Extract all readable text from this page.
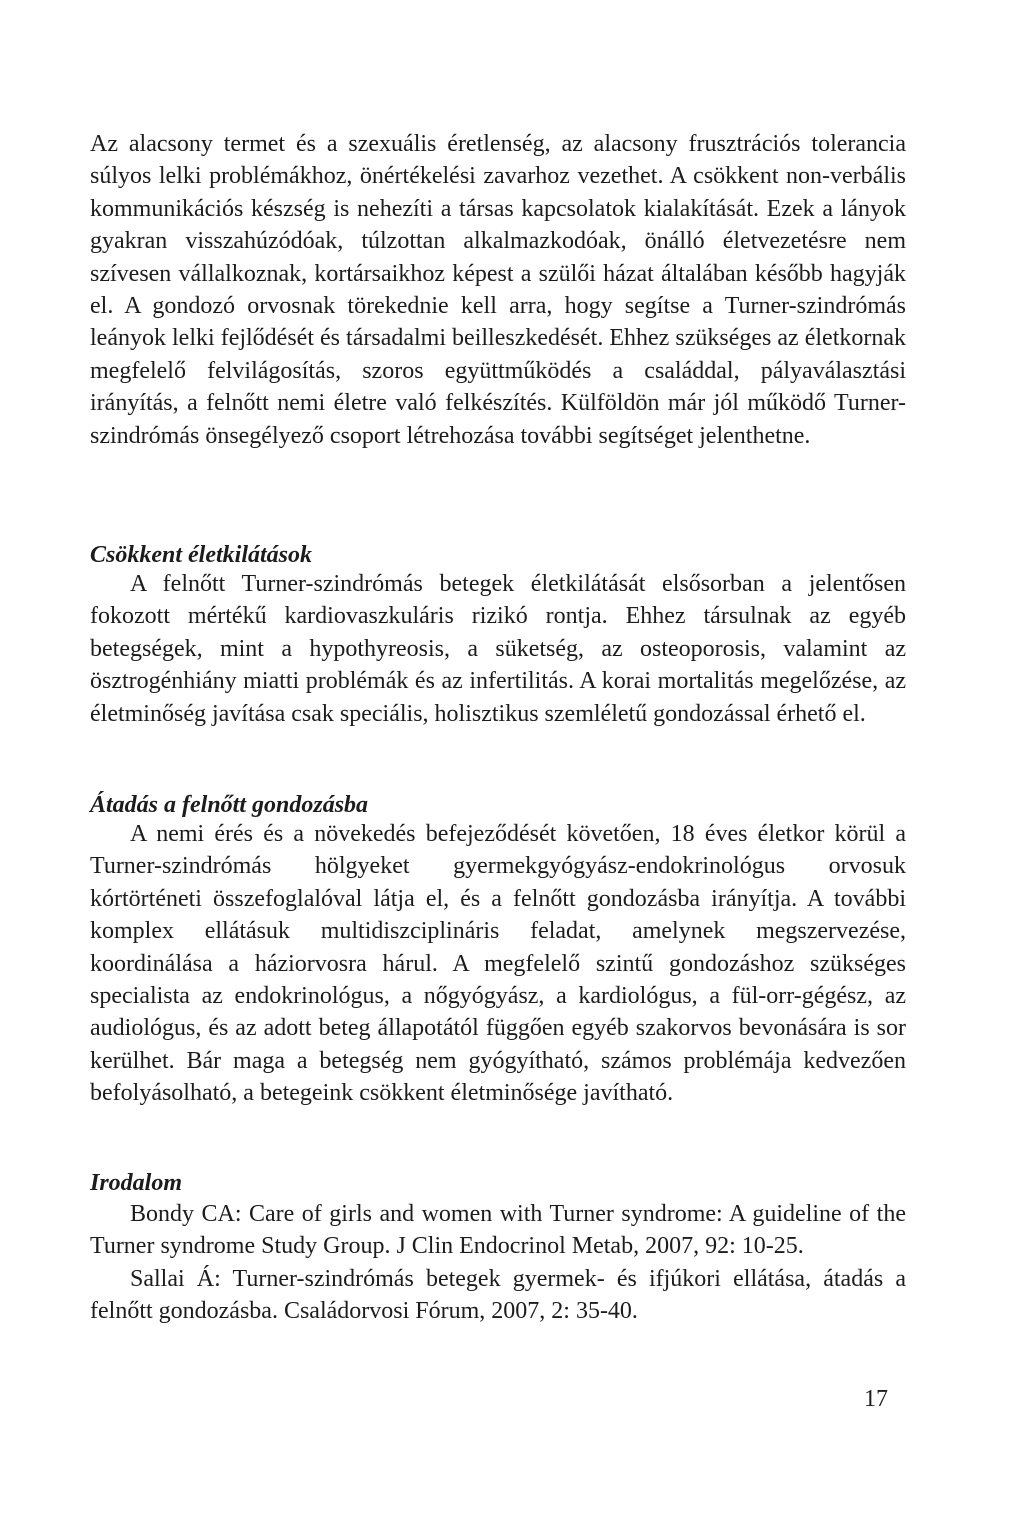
Az alacsony termet és a szexuális éretlenség, az alacsony frusztrációs tolerancia súlyos lelki problémákhoz, önértékelési zavarhoz vezethet. A csökkent non-verbális kommunikációs készség is nehezíti a társas kapcsolatok kialakítását. Ezek a lányok gyakran visszahúzódóak, túlzottan alkalmazkodóak, önálló életvezetésre nem szívesen vállalkoznak, kortársaikhoz képest a szülői házat általában később hagyják el. A gondozó orvosnak törekednie kell arra, hogy segítse a Turner-szindrómás leányok lelki fejlődését és társadalmi beilleszkedését. Ehhez szükséges az életkornak megfelelő felvilágosítás, szoros együttműködés a családdal, pályaválasztási irányítás, a felnőtt nemi életre való felkészítés. Külföldön már jól működő Turner-szindrómás önsegélyező csoport létrehozása további segítséget jelenthetne.

Csökkent életkilátások

A felnőtt Turner-szindrómás betegek életkilátását elsősorban a jelentősen fokozott mértékű kardiovaszkuláris rizikó rontja. Ehhez társulnak az egyéb betegségek, mint a hypothyreosis, a süketség, az osteoporosis, valamint az ösztrogénhiány miatti problémák és az infertilitás. A korai mortalitás megelőzése, az életminőség javítása csak speciális, holisztikus szemléletű gondozással érhető el.

Átadás a felnőtt gondozásba

A nemi érés és a növekedés befejeződését követően, 18 éves életkor körül a Turner-szindrómás hölgyeket gyermekgyógyász-endokrinológus orvosuk kórtörténeti összefoglalóval látja el, és a felnőtt gondozásba irányítja. A további komplex ellátásuk multidiszciplináris feladat, amelynek megszervezése, koordinálása a háziorvosra hárul. A megfelelő szintű gondozáshoz szükséges specialista az endokrinológus, a nőgyógyász, a kardiológus, a fül-orr-gégész, az audiológus, és az adott beteg állapotától függően egyéb szakorvos bevonására is sor kerülhet. Bár maga a betegség nem gyógyítható, számos problémája kedvezően befolyásolható, a betegeink csökkent életminősége javítható.

Irodalom

Bondy CA: Care of girls and women with Turner syndrome: A guideline of the Turner syndrome Study Group. J Clin Endocrinol Metab, 2007, 92: 10-25.

Sallai Á: Turner-szindrómás betegek gyermek- és ifjúkori ellátása, átadás a felnőtt gondozásba. Családorvosi Fórum, 2007, 2: 35-40.

17
